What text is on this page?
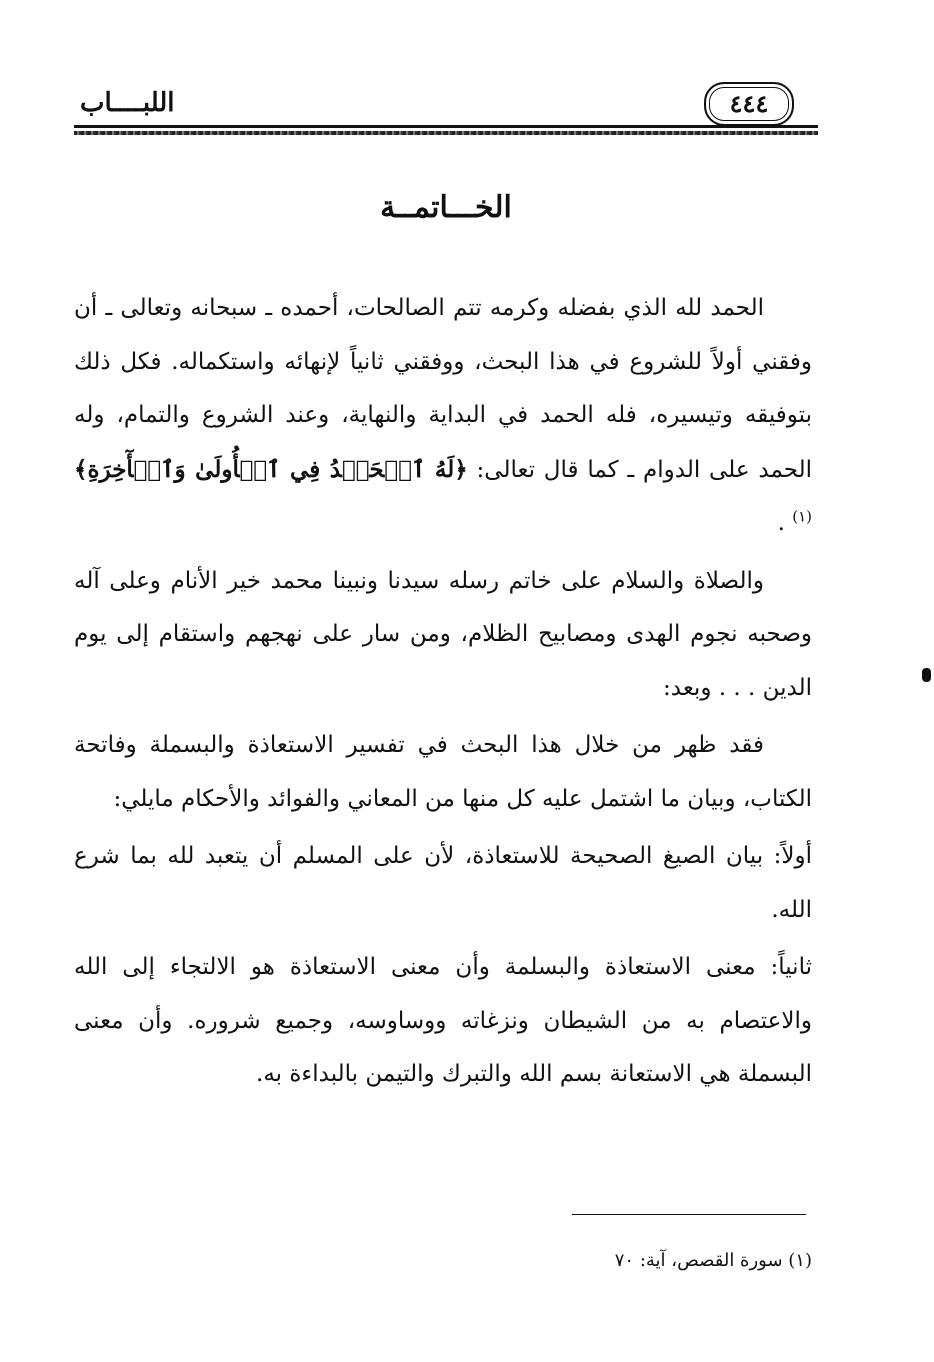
٤٤٤
اللبــــاب
الخـــاتمــة

الحمد لله الذي بفضله وكرمه تتم الصالحات، أحمده ـ سبحانه وتعالى ـ أن وفقني أولاً للشروع في هذا البحث، ووفقني ثانياً لإنهائه واستكماله. فكل ذلك بتوفيقه وتيسيره، فله الحمد في البداية والنهاية، وعند الشروع والتمام، وله الحمد على الدوام ـ كما قال تعالى: ﴿لَهُ ٱلۡحَمۡدُ فِي ٱلۡأُولَىٰ وَٱلۡأٓخِرَةِ﴾$^{(١)}$ .

والصلاة والسلام على خاتم رسله سيدنا ونبينا محمد خير الأنام وعلى آله وصحبه نجوم الهدى ومصابيح الظلام، ومن سار على نهجهم واستقام إلى يوم الدين . . . وبعد:

فقد ظهر من خلال هذا البحث في تفسير الاستعاذة والبسملة وفاتحة الكتاب، وبيان ما اشتمل عليه كل منها من المعاني والفوائد والأحكام مايلي:

أولاً: بيان الصيغ الصحيحة للاستعاذة، لأن على المسلم أن يتعبد لله بما شرع الله.

ثانياً: معنى الاستعاذة والبسلمة وأن معنى الاستعاذة هو الالتجاء إلى الله والاعتصام به من الشيطان ونزغاته ووساوسه، وجميع شروره. وأن معنى البسملة هي الاستعانة بسم الله والتبرك والتيمن بالبداءة به.

(١) سورة القصص، آية: ٧٠
